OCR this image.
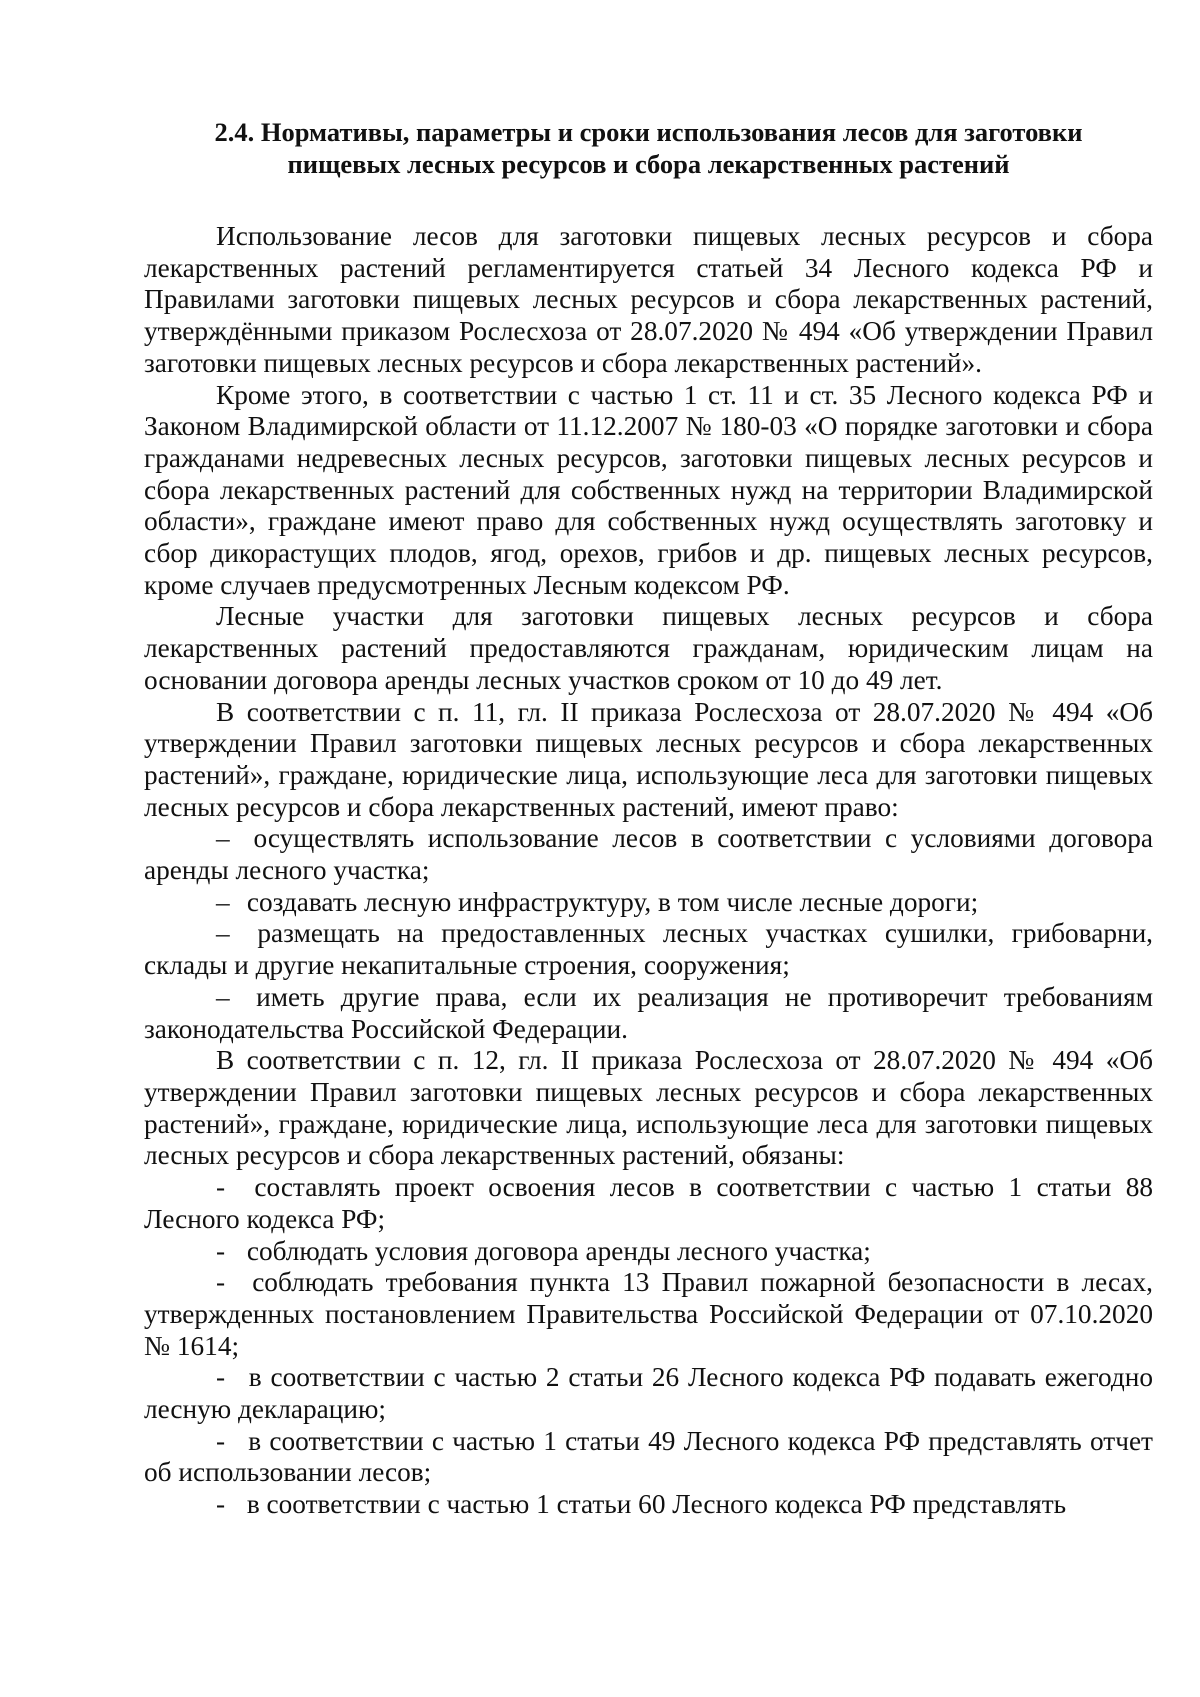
2.4. Нормативы, параметры и сроки использования лесов для заготовки
пищевых лесных ресурсов и сбора лекарственных растений

Использование лесов для заготовки пищевых лесных ресурсов и сбора лекарственных растений регламентируется статьей 34 Лесного кодекса РФ и Правилами заготовки пищевых лесных ресурсов и сбора лекарственных растений, утверждёнными приказом Рослесхоза от 28.07.2020 № 494 «Об утверждении Правил заготовки пищевых лесных ресурсов и сбора лекарственных растений».

Кроме этого, в соответствии с частью 1 ст. 11 и ст. 35 Лесного кодекса РФ и Законом Владимирской области от 11.12.2007 № 180-03 «О порядке заготовки и сбора гражданами недревесных лесных ресурсов, заготовки пищевых лесных ресурсов и сбора лекарственных растений для собственных нужд на территории Владимирской области», граждане имеют право для собственных нужд осуществлять заготовку и сбор дикорастущих плодов, ягод, орехов, грибов и др. пищевых лесных ресурсов, кроме случаев предусмотренных Лесным кодексом РФ.

Лесные участки для заготовки пищевых лесных ресурсов и сбора лекарственных растений предоставляются гражданам, юридическим лицам на основании договора аренды лесных участков сроком от 10 до 49 лет.

В соответствии с п. 11, гл. II приказа Рослесхоза от 28.07.2020 № 494 «Об утверждении Правил заготовки пищевых лесных ресурсов и сбора лекарственных растений», граждане, юридические лица, использующие леса для заготовки пищевых лесных ресурсов и сбора лекарственных растений, имеют право:

– осуществлять использование лесов в соответствии с условиями договора аренды лесного участка;

– создавать лесную инфраструктуру, в том числе лесные дороги;

– размещать на предоставленных лесных участках сушилки, грибоварни, склады и другие некапитальные строения, сооружения;

– иметь другие права, если их реализация не противоречит требованиям законодательства Российской Федерации.

В соответствии с п. 12, гл. II приказа Рослесхоза от 28.07.2020 № 494 «Об утверждении Правил заготовки пищевых лесных ресурсов и сбора лекарственных растений», граждане, юридические лица, использующие леса для заготовки пищевых лесных ресурсов и сбора лекарственных растений, обязаны:

- составлять проект освоения лесов в соответствии с частью 1 статьи 88 Лесного кодекса РФ;

- соблюдать условия договора аренды лесного участка;

- соблюдать требования пункта 13 Правил пожарной безопасности в лесах, утвержденных постановлением Правительства Российской Федерации от 07.10.2020 № 1614;

- в соответствии с частью 2 статьи 26 Лесного кодекса РФ подавать ежегодно лесную декларацию;

- в соответствии с частью 1 статьи 49 Лесного кодекса РФ представлять отчет об использовании лесов;

- в соответствии с частью 1 статьи 60 Лесного кодекса РФ представлять
